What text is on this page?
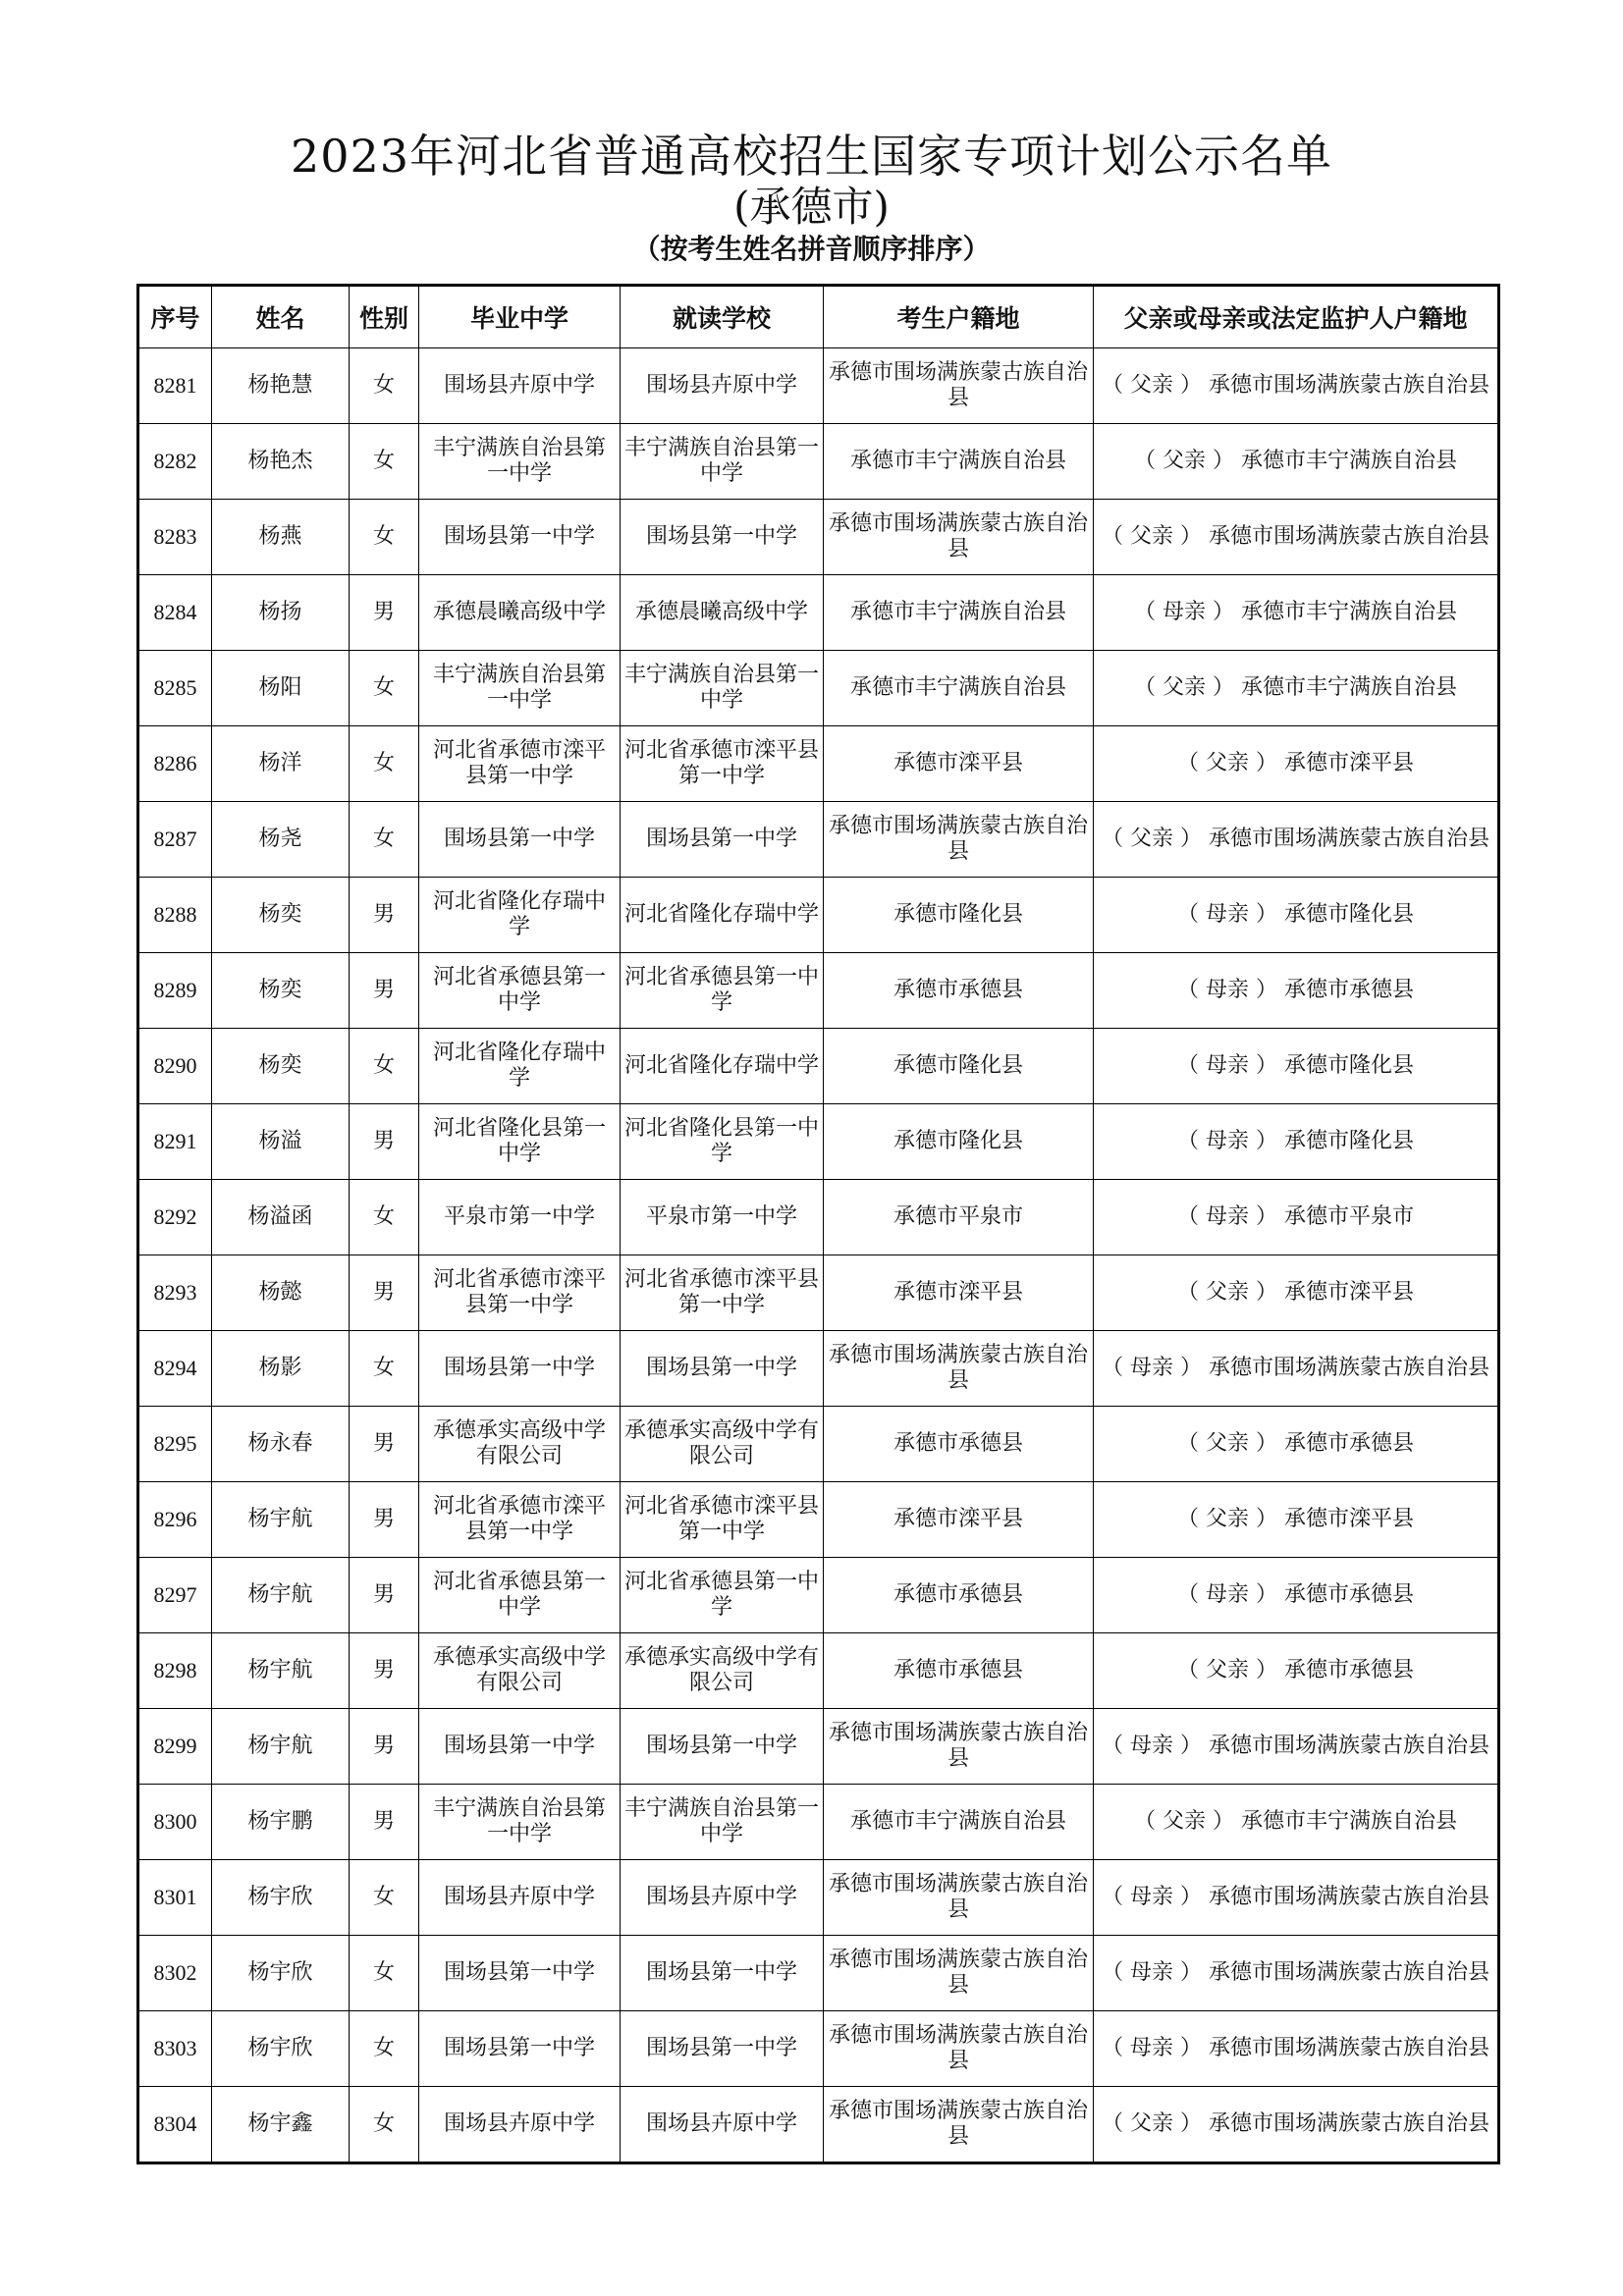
2023年河北省普通高校招生国家专项计划公示名单
(承德市)
（按考生姓名拼音顺序排序）
序号	姓名	性别	毕业中学	就读学校	考生户籍地	父亲或母亲或法定监护人户籍地
8281	杨艳慧	女	围场县卉原中学	围场县卉原中学	承德市围场满族蒙古族自治县	（ 父亲 ） 承德市围场满族蒙古族自治县
8282	杨艳杰	女	丰宁满族自治县第一中学	丰宁满族自治县第一中学	承德市丰宁满族自治县	（ 父亲 ） 承德市丰宁满族自治县
8283	杨燕	女	围场县第一中学	围场县第一中学	承德市围场满族蒙古族自治县	（ 父亲 ） 承德市围场满族蒙古族自治县
8284	杨扬	男	承德晨曦高级中学	承德晨曦高级中学	承德市丰宁满族自治县	（ 母亲 ） 承德市丰宁满族自治县
8285	杨阳	女	丰宁满族自治县第一中学	丰宁满族自治县第一中学	承德市丰宁满族自治县	（ 父亲 ） 承德市丰宁满族自治县
8286	杨洋	女	河北省承德市滦平县第一中学	河北省承德市滦平县第一中学	承德市滦平县	（ 父亲 ） 承德市滦平县
8287	杨尧	女	围场县第一中学	围场县第一中学	承德市围场满族蒙古族自治县	（ 父亲 ） 承德市围场满族蒙古族自治县
8288	杨奕	男	河北省隆化存瑞中学	河北省隆化存瑞中学	承德市隆化县	（ 母亲 ） 承德市隆化县
8289	杨奕	男	河北省承德县第一中学	河北省承德县第一中学	承德市承德县	（ 母亲 ） 承德市承德县
8290	杨奕	女	河北省隆化存瑞中学	河北省隆化存瑞中学	承德市隆化县	（ 母亲 ） 承德市隆化县
8291	杨溢	男	河北省隆化县第一中学	河北省隆化县第一中学	承德市隆化县	（ 母亲 ） 承德市隆化县
8292	杨溢函	女	平泉市第一中学	平泉市第一中学	承德市平泉市	（ 母亲 ） 承德市平泉市
8293	杨懿	男	河北省承德市滦平县第一中学	河北省承德市滦平县第一中学	承德市滦平县	（ 父亲 ） 承德市滦平县
8294	杨影	女	围场县第一中学	围场县第一中学	承德市围场满族蒙古族自治县	（ 母亲 ） 承德市围场满族蒙古族自治县
8295	杨永春	男	承德承实高级中学有限公司	承德承实高级中学有限公司	承德市承德县	（ 父亲 ） 承德市承德县
8296	杨宇航	男	河北省承德市滦平县第一中学	河北省承德市滦平县第一中学	承德市滦平县	（ 父亲 ） 承德市滦平县
8297	杨宇航	男	河北省承德县第一中学	河北省承德县第一中学	承德市承德县	（ 母亲 ） 承德市承德县
8298	杨宇航	男	承德承实高级中学有限公司	承德承实高级中学有限公司	承德市承德县	（ 父亲 ） 承德市承德县
8299	杨宇航	男	围场县第一中学	围场县第一中学	承德市围场满族蒙古族自治县	（ 母亲 ） 承德市围场满族蒙古族自治县
8300	杨宇鹏	男	丰宁满族自治县第一中学	丰宁满族自治县第一中学	承德市丰宁满族自治县	（ 父亲 ） 承德市丰宁满族自治县
8301	杨宇欣	女	围场县卉原中学	围场县卉原中学	承德市围场满族蒙古族自治县	（ 母亲 ） 承德市围场满族蒙古族自治县
8302	杨宇欣	女	围场县第一中学	围场县第一中学	承德市围场满族蒙古族自治县	（ 母亲 ） 承德市围场满族蒙古族自治县
8303	杨宇欣	女	围场县第一中学	围场县第一中学	承德市围场满族蒙古族自治县	（ 母亲 ） 承德市围场满族蒙古族自治县
8304	杨宇鑫	女	围场县卉原中学	围场县卉原中学	承德市围场满族蒙古族自治县	（ 父亲 ） 承德市围场满族蒙古族自治县
